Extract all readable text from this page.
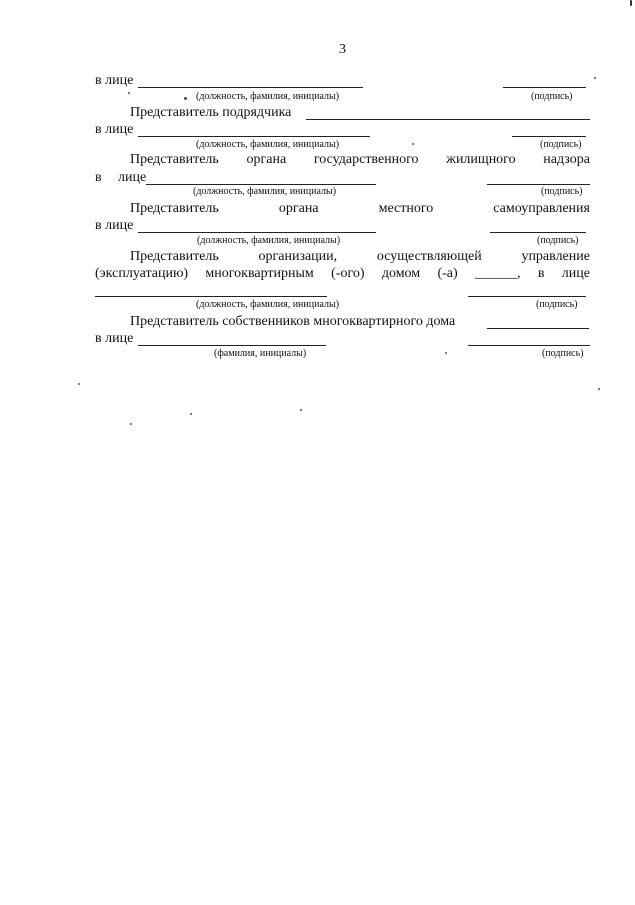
3
в лице
(должность, фамилия, инициалы)	(подпись)
Представитель подрядчика
в лице
(должность, фамилия, инициалы)	(подпись)
Представитель органа государственного жилищного надзора
в лице
(должность, фамилия, инициалы)	(подпись)
Представитель	органа	местного	самоуправления
в лице
(должность, фамилия, инициалы)	(подпись)
Представитель	организации,	осуществляющей	управление
(эксплуатацию) многоквартирным (-ого) домом (-а) ______, в лице
(должность, фамилия, инициалы)	(подпись)
Представитель собственников многоквартирного дома
в лице
(фамилия, инициалы)	(подпись)
